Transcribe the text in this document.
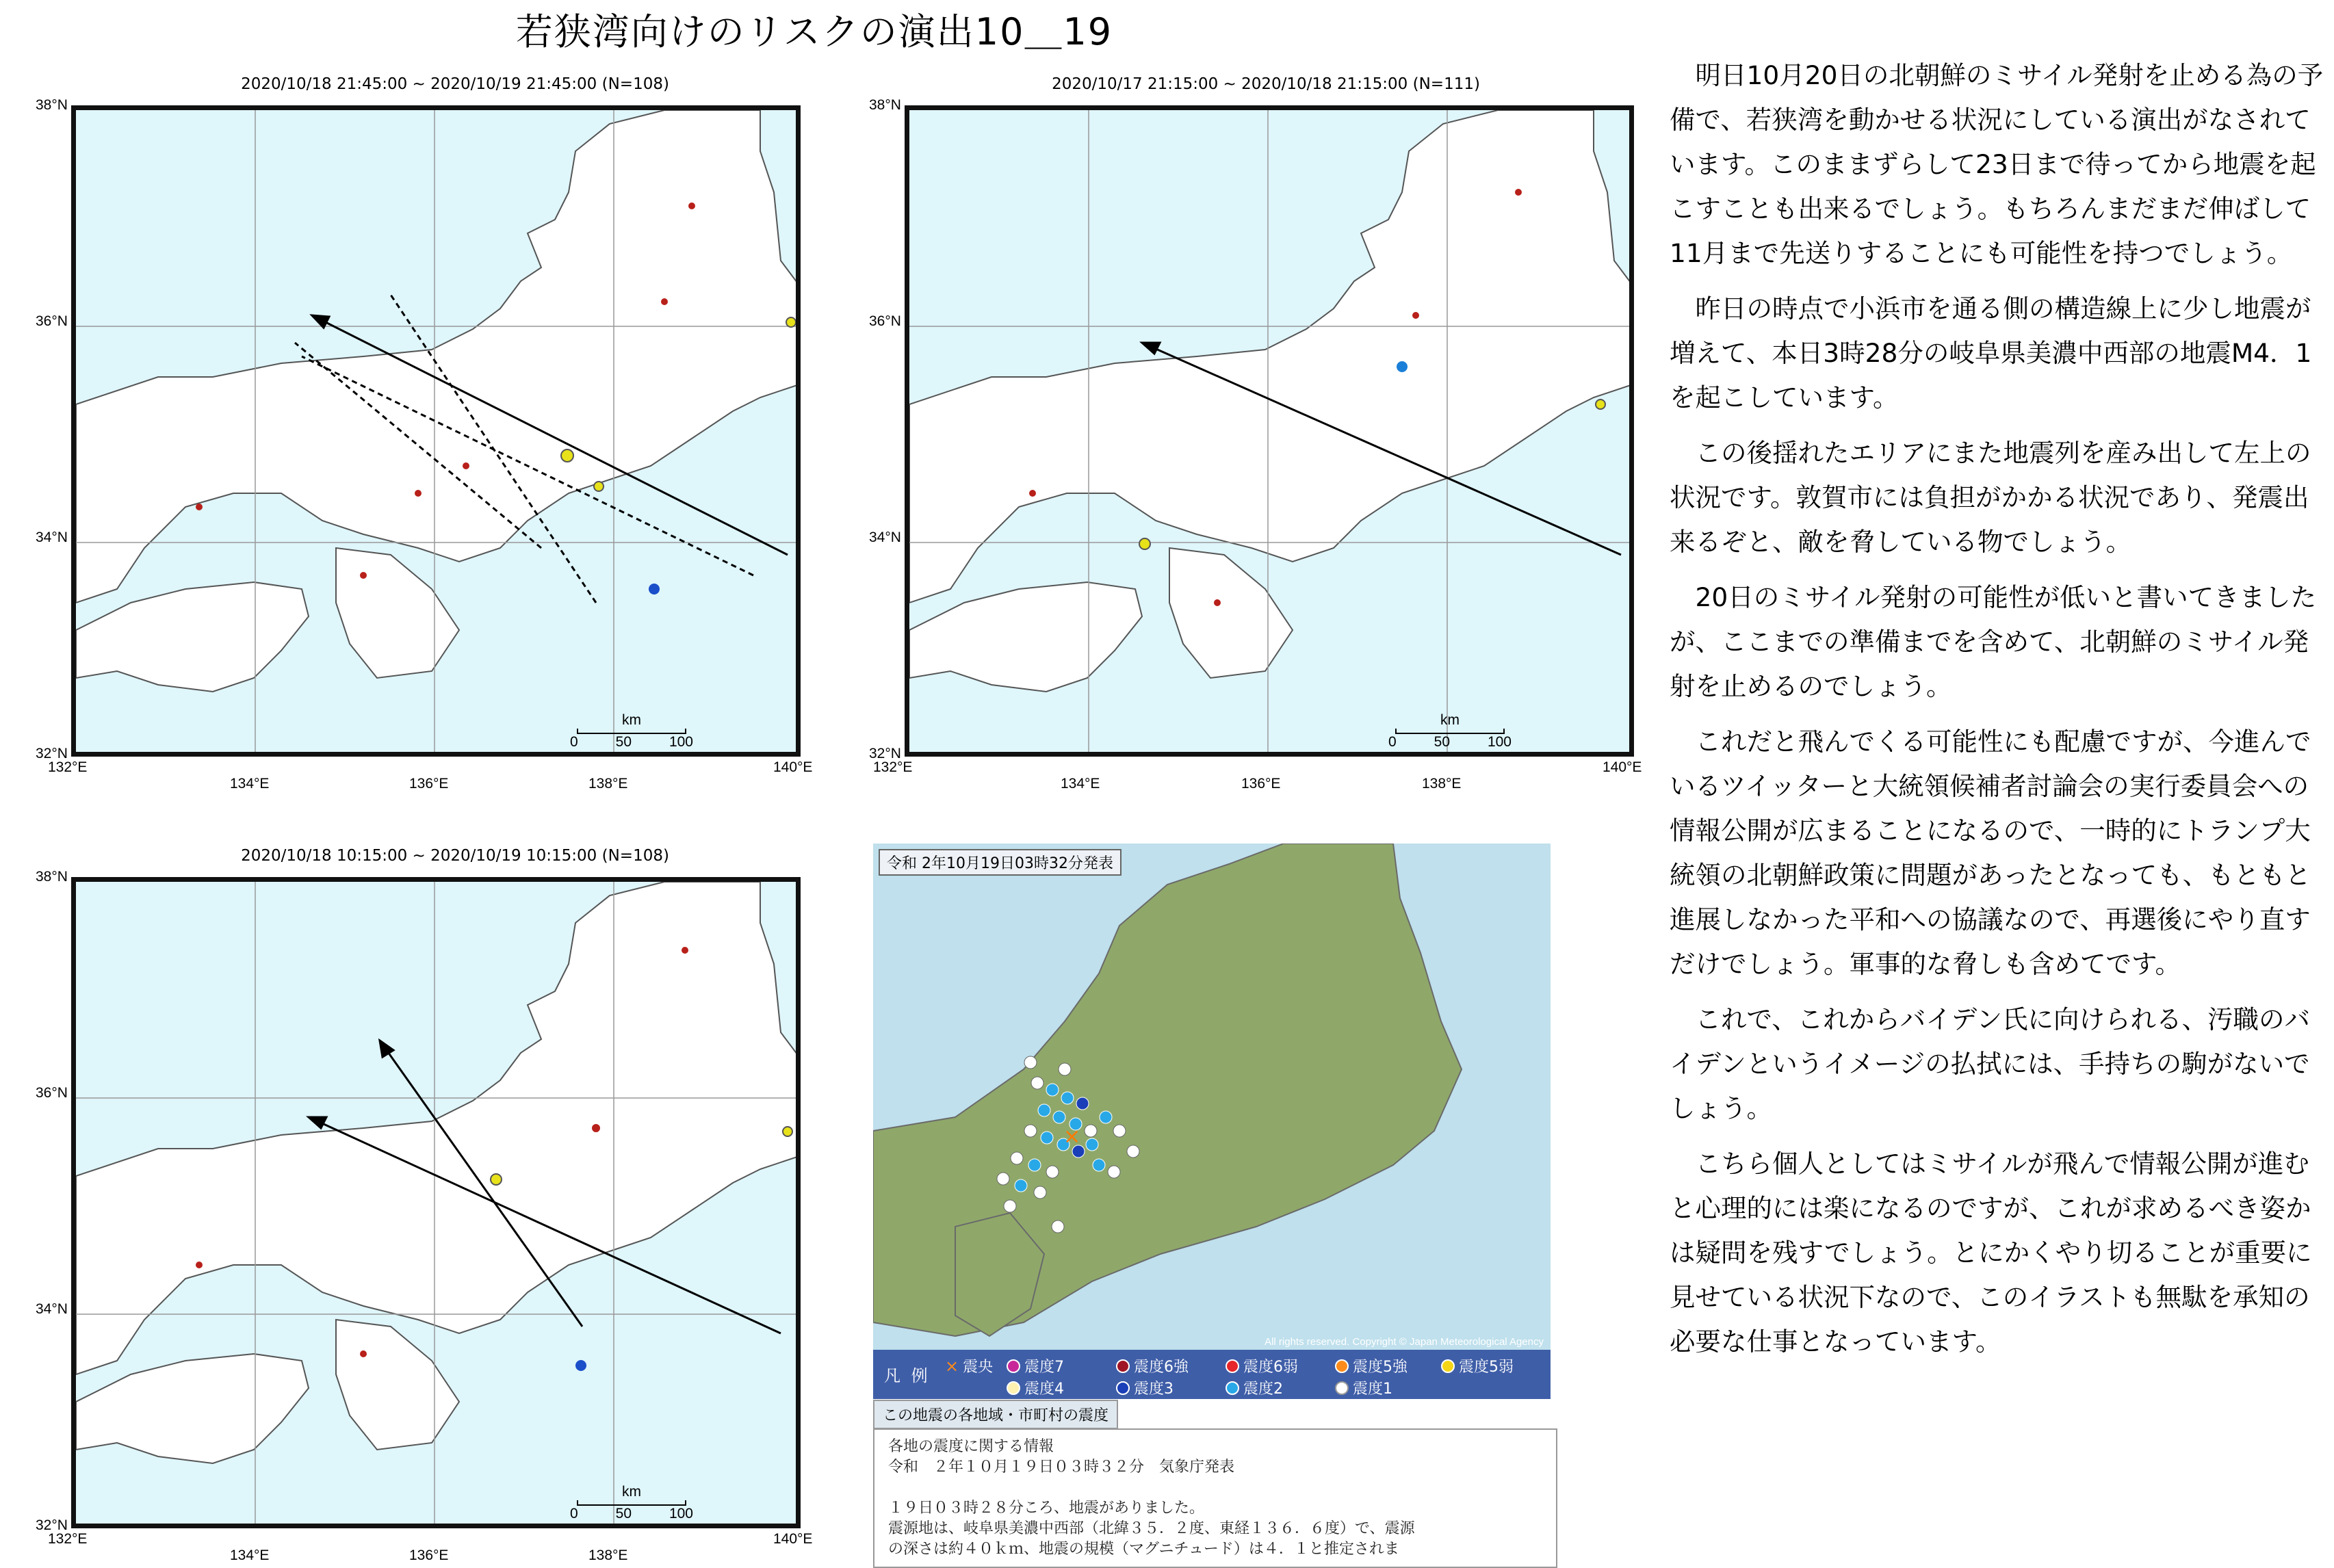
若狭湾向けのリスクの演出10＿19
2020/10/18 21:45:00 ~ 2020/10/19 21:45:00 (N=108)
38°N
36°N
34°N
32°N
km
0	50	100
132°E
134°E	136°E	138°E
140°E
2020/10/17 21:15:00 ~ 2020/10/18 21:15:00 (N=111)
38°N
36°N
34°N
32°N
km
0	50	100
132°E
134°E	136°E	138°E
140°E
2020/10/18 10:15:00 ~ 2020/10/19 10:15:00 (N=108)
38°N
36°N
34°N
32°N
km
0	50	100
132°E
134°E	136°E	138°E
140°E
×
令和 2年10月19日03時32分発表
All rights reserved. Copyright © Japan Meteorological Agency
凡 例
× 震央 震度7	震度6強	震度6弱	震度5強	震度5弱
震度4	震度3	震度2	震度1
この地震の各地域・市町村の震度
各地の震度に関する情報
令和　２年１０月１９日０３時３２分　気象庁発表

１９日０３時２８分ころ、地震がありました。
震源地は、岐阜県美濃中西部（北緯３５．２度、東経１３６．６度）で、震源
の深さは約４０ｋｍ、地震の規模（マグニチュード）は４．１と推定されま

明日10月20日の北朝鮮のミサイル発射を止める為の予備で、若狭湾を動かせる状況にしている演出がなされています。このままずらして23日まで待ってから地震を起こすことも出来るでしょう。もちろんまだまだ伸ばして11月まで先送りすることにも可能性を持つでしょう。

昨日の時点で小浜市を通る側の構造線上に少し地震が増えて、本日3時28分の岐阜県美濃中西部の地震M4．1を起こしています。

この後揺れたエリアにまた地震列を産み出して左上の状況です。敦賀市には負担がかかる状況であり、発震出来るぞと、敵を脅している物でしょう。

20日のミサイル発射の可能性が低いと書いてきましたが、ここまでの準備までを含めて、北朝鮮のミサイル発射を止めるのでしょう。

これだと飛んでくる可能性にも配慮ですが、今進んでいるツイッターと大統領候補者討論会の実行委員会への情報公開が広まることになるので、一時的にトランプ大統領の北朝鮮政策に問題があったとなっても、もともと進展しなかった平和への協議なので、再選後にやり直すだけでしょう。軍事的な脅しも含めてです。

これで、これからバイデン氏に向けられる、汚職のバイデンというイメージの払拭には、手持ちの駒がないでしょう。

こちら個人としてはミサイルが飛んで情報公開が進むと心理的には楽になるのですが、これが求めるべき姿かは疑問を残すでしょう。とにかくやり切ることが重要に見せている状況下なので、このイラストも無駄を承知の必要な仕事となっています。
